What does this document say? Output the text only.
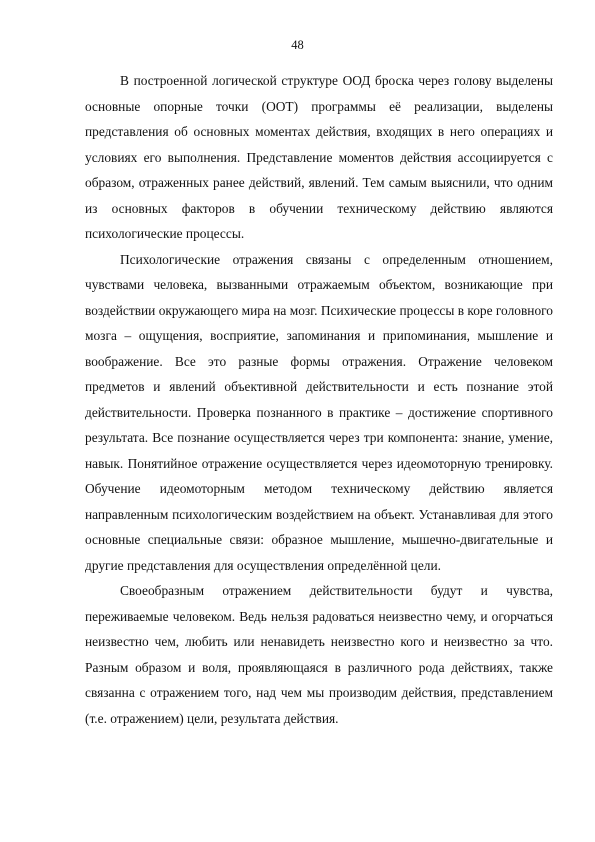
48

В построенной логической структуре ООД броска через голову выделены основные опорные точки (ООТ) программы её реализации, выделены представления об основных моментах действия, входящих в него операциях и условиях его выполнения. Представление моментов действия ассоциируется с образом, отраженных ранее действий, явлений. Тем самым выяснили, что одним из основных факторов в обучении техническому действию являются психологические процессы.

Психологические отражения связаны с определенным отношением, чувствами человека, вызванными отражаемым объектом, возникающие при воздействии окружающего мира на мозг. Психические процессы в коре головного мозга – ощущения, восприятие, запоминания и припоминания, мышление и воображение. Все это разные формы отражения. Отражение человеком предметов и явлений объективной действительности и есть познание этой действительности. Проверка познанного в практике – достижение спортивного результата. Все познание осуществляется через три компонента: знание, умение, навык. Понятийное отражение осуществляется через идеомоторную тренировку. Обучение идеомоторным методом техническому действию является направленным психологическим воздействием на объект. Устанавливая для этого основные специальные связи: образное мышление, мышечно-двигательные и другие представления для осуществления определённой цели.

Своеобразным отражением действительности будут и чувства, переживаемые человеком. Ведь нельзя радоваться неизвестно чему, и огорчаться неизвестно чем, любить или ненавидеть неизвестно кого и неизвестно за что. Разным образом и воля, проявляющаяся в различного рода действиях, также связанна с отражением того, над чем мы производим действия, представлением (т.е. отражением) цели, результата действия.
